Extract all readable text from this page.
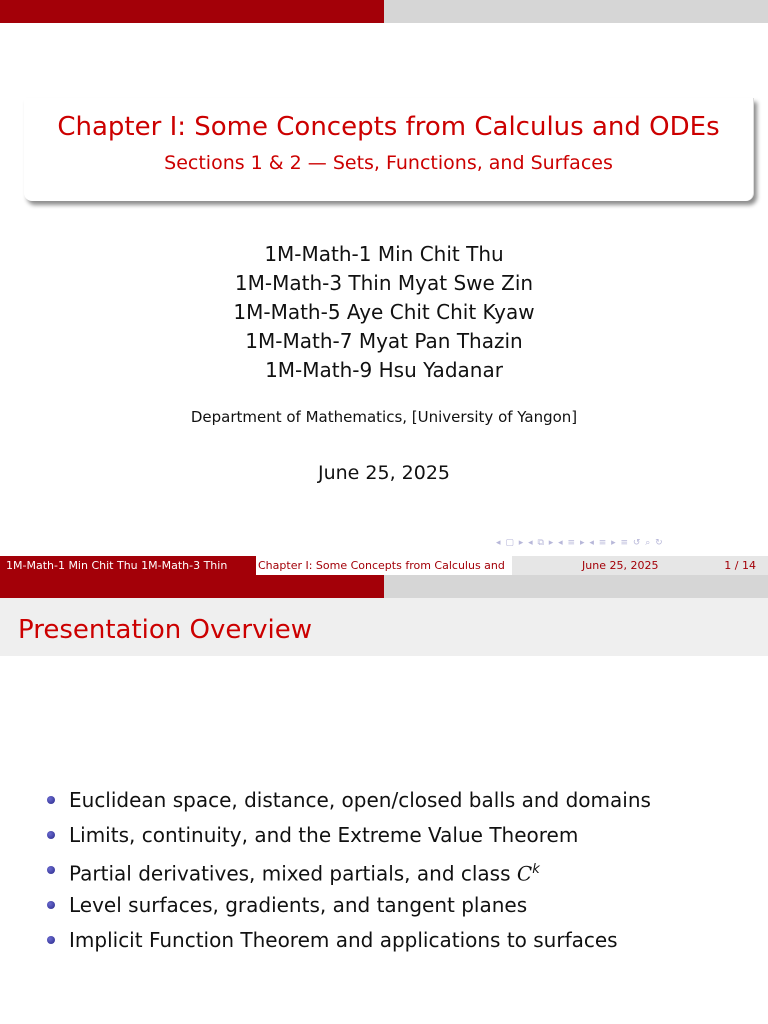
Chapter I: Some Concepts from Calculus and ODEs
Sections 1 & 2 — Sets, Functions, and Surfaces
1M-Math-1 Min Chit Thu
1M-Math-3 Thin Myat Swe Zin
1M-Math-5 Aye Chit Chit Kyaw
1M-Math-7 Myat Pan Thazin
1M-Math-9 Hsu Yadanar
Department of Mathematics, [University of Yangon]
June 25, 2025
◂ ▢ ▸ ◂ ⧉ ▸ ◂ ≡ ▸ ◂ ≡ ▸ ≡ ↺ ⌕ ↻
1M-Math-1 Min Chit Thu 1M-Math-3 Thin	Chapter I: Some Concepts from Calculus and	June 25, 2025	1 / 14
Presentation Overview
Euclidean space, distance, open/closed balls and domains
Limits, continuity, and the Extreme Value Theorem
Partial derivatives, mixed partials, and class $C^k$
Level surfaces, gradients, and tangent planes
Implicit Function Theorem and applications to surfaces
